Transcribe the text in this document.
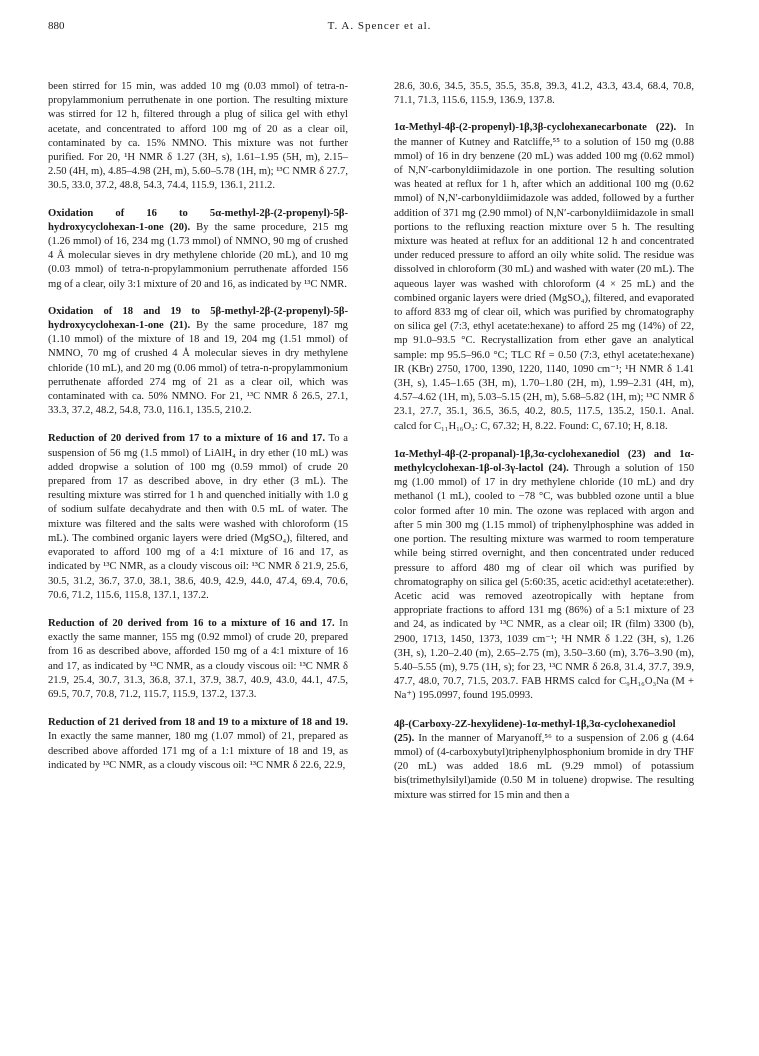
880	T. A. Spencer et al.

been stirred for 15 min, was added 10 mg (0.03 mmol) of tetra-n-propylammonium perruthenate in one portion. The resulting mixture was stirred for 12 h, filtered through a plug of silica gel with ethyl acetate, and concentrated to afford 100 mg of 20 as a clear oil, contaminated by ca. 15% NMNO. This mixture was not further purified. For 20, ¹H NMR δ 1.27 (3H, s), 1.61–1.95 (5H, m), 2.15–2.50 (4H, m), 4.85–4.98 (2H, m), 5.60–5.78 (1H, m); ¹³C NMR δ 27.7, 30.5, 33.0, 37.2, 48.8, 54.3, 74.4, 115.9, 136.1, 211.2.

Oxidation of 16 to 5α-methyl-2β-(2-propenyl)-5β-hydroxycyclohexan-1-one (20). By the same procedure, 215 mg (1.26 mmol) of 16, 234 mg (1.73 mmol) of NMNO, 90 mg of crushed 4 Å molecular sieves in dry methylene chloride (20 mL), and 10 mg (0.03 mmol) of tetra-n-propylammonium perruthenate afforded 156 mg of a clear, oily 3:1 mixture of 20 and 16, as indicated by ¹³C NMR.

Oxidation of 18 and 19 to 5β-methyl-2β-(2-propenyl)-5β-hydroxycyclohexan-1-one (21). By the same procedure, 187 mg (1.10 mmol) of the mixture of 18 and 19, 204 mg (1.51 mmol) of NMNO, 70 mg of crushed 4 Å molecular sieves in dry methylene chloride (10 mL), and 20 mg (0.06 mmol) of tetra-n-propylammonium perruthenate afforded 274 mg of 21 as a clear oil, which was contaminated with ca. 50% NMNO. For 21, ¹³C NMR δ 26.5, 27.1, 33.3, 37.2, 48.2, 54.8, 73.0, 116.1, 135.5, 210.2.

Reduction of 20 derived from 17 to a mixture of 16 and 17. To a suspension of 56 mg (1.5 mmol) of LiAlH₄ in dry ether (10 mL) was added dropwise a solution of 100 mg (0.59 mmol) of crude 20 prepared from 17 as described above, in dry ether (3 mL). The resulting mixture was stirred for 1 h and quenched initially with 1.0 g of sodium sulfate decahydrate and then with 0.5 mL of water. The mixture was filtered and the salts were washed with chloroform (15 mL). The combined organic layers were dried (MgSO₄), filtered, and evaporated to afford 100 mg of a 4:1 mixture of 16 and 17, as indicated by ¹³C NMR, as a cloudy viscous oil: ¹³C NMR δ 21.9, 25.6, 30.5, 31.2, 36.7, 37.0, 38.1, 38.6, 40.9, 42.9, 44.0, 47.4, 69.4, 70.6, 70.6, 71.2, 115.6, 115.8, 137.1, 137.2.

Reduction of 20 derived from 16 to a mixture of 16 and 17. In exactly the same manner, 155 mg (0.92 mmol) of crude 20, prepared from 16 as described above, afforded 150 mg of a 4:1 mixture of 16 and 17, as indicated by ¹³C NMR, as a cloudy viscous oil: ¹³C NMR δ 21.9, 25.4, 30.7, 31.3, 36.8, 37.1, 37.9, 38.7, 40.9, 43.0, 44.1, 47.5, 69.5, 70.7, 70.8, 71.2, 115.7, 115.9, 137.2, 137.3.

Reduction of 21 derived from 18 and 19 to a mixture of 18 and 19. In exactly the same manner, 180 mg (1.07 mmol) of 21, prepared as described above afforded 171 mg of a 1:1 mixture of 18 and 19, as indicated by ¹³C NMR, as a cloudy viscous oil: ¹³C NMR δ 22.6, 22.9,

28.6, 30.6, 34.5, 35.5, 35.5, 35.8, 39.3, 41.2, 43.3, 43.4, 68.4, 70.8, 71.1, 71.3, 115.6, 115.9, 136.9, 137.8.

1α-Methyl-4β-(2-propenyl)-1β,3β-cyclohexanecarbonate (22). In the manner of Kutney and Ratcliffe,⁵⁵ to a solution of 150 mg (0.88 mmol) of 16 in dry benzene (20 mL) was added 100 mg (0.62 mmol) of N,N′-carbonyldiimidazole in one portion. The resulting solution was heated at reflux for 1 h, after which an additional 100 mg (0.62 mmol) of N,N′-carbonyldiimidazole was added, followed by a further addition of 371 mg (2.90 mmol) of N,N′-carbonyldiimidazole in small portions to the refluxing reaction mixture over 5 h. The resulting mixture was heated at reflux for an additional 12 h and concentrated under reduced pressure to afford an oily white solid. The residue was dissolved in chloroform (30 mL) and washed with water (20 mL). The aqueous layer was washed with chloroform (4 × 25 mL) and the combined organic layers were dried (MgSO₄), filtered, and evaporated to afford 833 mg of clear oil, which was purified by chromatography on silica gel (7:3, ethyl acetate:hexane) to afford 25 mg (14%) of 22, mp 91.0–93.5 °C. Recrystallization from ether gave an analytical sample: mp 95.5–96.0 °C; TLC Rf = 0.50 (7:3, ethyl acetate:hexane) IR (KBr) 2750, 1700, 1390, 1220, 1140, 1090 cm⁻¹; ¹H NMR δ 1.41 (3H, s), 1.45–1.65 (3H, m), 1.70–1.80 (2H, m), 1.99–2.31 (4H, m), 4.57–4.62 (1H, m), 5.03–5.15 (2H, m), 5.68–5.82 (1H, m); ¹³C NMR δ 23.1, 27.7, 35.1, 36.5, 36.5, 40.2, 80.5, 117.5, 135.2, 150.1. Anal. calcd for C₁₁H₁₆O₃: C, 67.32; H, 8.22. Found: C, 67.10; H, 8.18.

1α-Methyl-4β-(2-propanal)-1β,3α-cyclohexanediol (23) and 1α-methylcyclohexan-1β-ol-3γ-lactol (24). Through a solution of 150 mg (1.00 mmol) of 17 in dry methylene chloride (10 mL) and dry methanol (1 mL), cooled to −78 °C, was bubbled ozone until a blue color formed after 10 min. The ozone was replaced with argon and after 5 min 300 mg (1.15 mmol) of triphenylphosphine was added in one portion. The resulting mixture was warmed to room temperature while being stirred overnight, and then concentrated under reduced pressure to afford 480 mg of clear oil which was purified by chromatography on silica gel (5:60:35, acetic acid:ethyl acetate:ether). Acetic acid was removed azeotropically with heptane from appropriate fractions to afford 131 mg (86%) of a 5:1 mixture of 23 and 24, as indicated by ¹³C NMR, as a clear oil; IR (film) 3300 (b), 2900, 1713, 1450, 1373, 1039 cm⁻¹; ¹H NMR δ 1.22 (3H, s), 1.26 (3H, s), 1.20–2.40 (m), 2.65–2.75 (m), 3.50–3.60 (m), 3.76–3.90 (m), 5.40–5.55 (m), 9.75 (1H, s); for 23, ¹³C NMR δ 26.8, 31.4, 37.7, 39.9, 47.7, 48.0, 70.7, 71.5, 203.7. FAB HRMS calcd for C₉H₁₆O₃Na (M + Na⁺) 195.0997, found 195.0993.

4β-(Carboxy-2Z-hexylidene)-1α-methyl-1β,3α-cyclohexanediol (25). In the manner of Maryanoff,⁵⁶ to a suspension of 2.06 g (4.64 mmol) of (4-carboxybutyl)triphenylphosphonium bromide in dry THF (20 mL) was added 18.6 mL (9.29 mmol) of potassium bis(trimethylsilyl)amide (0.50 M in toluene) dropwise. The resulting mixture was stirred for 15 min and then a
